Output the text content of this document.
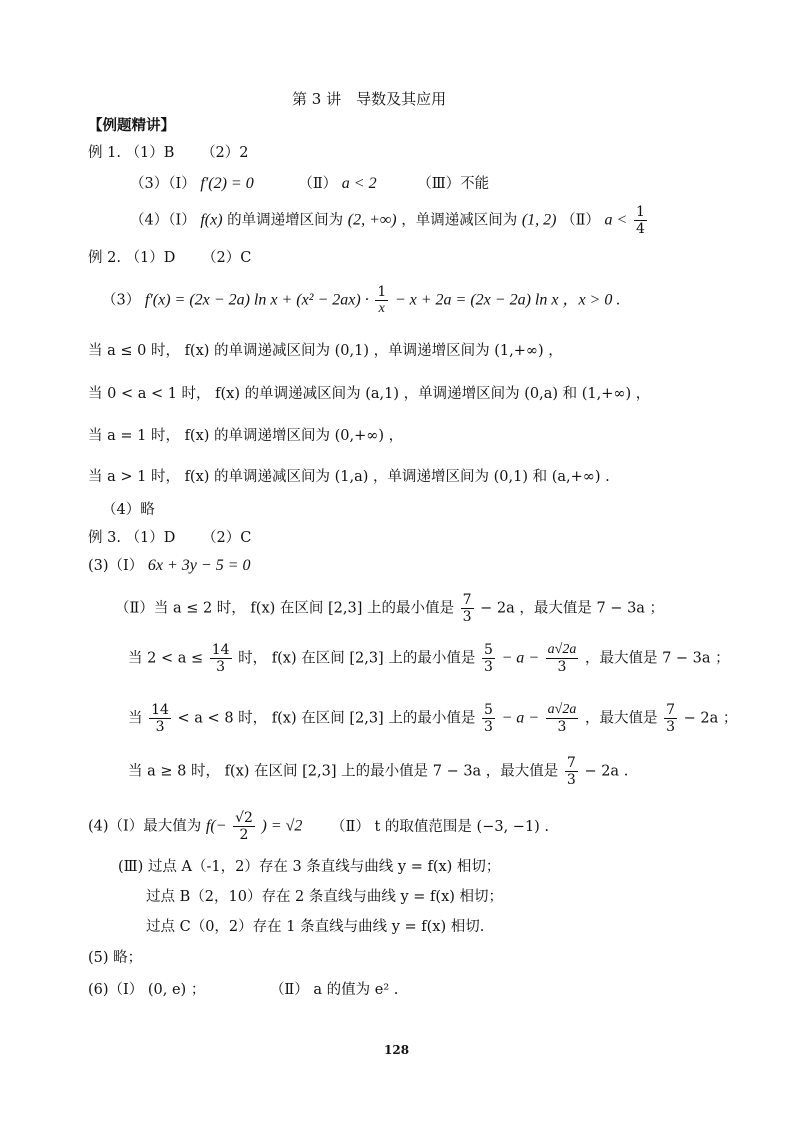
第 3 讲　导数及其应用
【例题精讲】
例 1. （1）B （2）2
（3）（Ⅰ） f′(2) = 0	（Ⅱ） a < 2	（Ⅲ）不能
（4）（Ⅰ） f(x) 的单调递增区间为 (2, +∞) ，单调递减区间为 (1, 2) （Ⅱ） $a < \frac{1}{4}$
例 2. （1）D （2）C
（3） f′(x) = (2x − 2a) $\ln x + (x^2 - 2ax) \cdot \frac{1}{x} - x + 2a = (2x - 2a)$ ln x ，x > 0 .
当 a ≤ 0 时， f(x) 的单调递减区间为 (0,1) ，单调递增区间为 (1,+∞) ，
当 0 < a < 1 时， f(x) 的单调递减区间为 (a,1) ，单调递增区间为 (0,a) 和 (1,+∞) ，
当 a = 1 时， f(x) 的单调递增区间为 (0,+∞) ，
当 a > 1 时， f(x) 的单调递减区间为 (1,a) ，单调递增区间为 (0,1) 和 (a,+∞) .
（4）略
例 3. （1）D （2）C
(3)（Ⅰ） 6x + 3y − 5 = 0
（Ⅱ）当 a ≤ 2 时， f(x) 在区间 [2,3] 上的最小值是 $\frac{7}{3} - 2a$ ，最大值是 7 − 3a ；
当 $2 < a \le \frac{14}{3}$ 时， f(x) 在区间 [2,3] 上的最小值是 $\frac{5}{3} - a - \frac{a√2a}{3}$ ，最大值是 7 − 3a ；
当 $\frac{14}{3} < a < 8$ 时， f(x) 在区间 [2,3] 上的最小值是 $\frac{5}{3} - a - \frac{a√2a}{3}$ ，最大值是 $\frac{7}{3} - 2a$ ；
当 a ≥ 8 时， f(x) 在区间 [2,3] 上的最小值是 7 − 3a ，最大值是 $\frac{7}{3} - 2a$ .
(4)（Ⅰ）最大值为 $f(- \frac{√2}{2}$ ) = √2 （Ⅱ） t 的取值范围是 (−3, −1) .
(Ⅲ) 过点 A（-1，2）存在 3 条直线与曲线 y = f(x) 相切；
过点 B（2，10）存在 2 条直线与曲线 y = f(x) 相切；
过点 C（0，2）存在 1 条直线与曲线 y = f(x) 相切.
(5) 略；
(6)（Ⅰ） (0, e) ；	（Ⅱ） a 的值为 e² .
128
